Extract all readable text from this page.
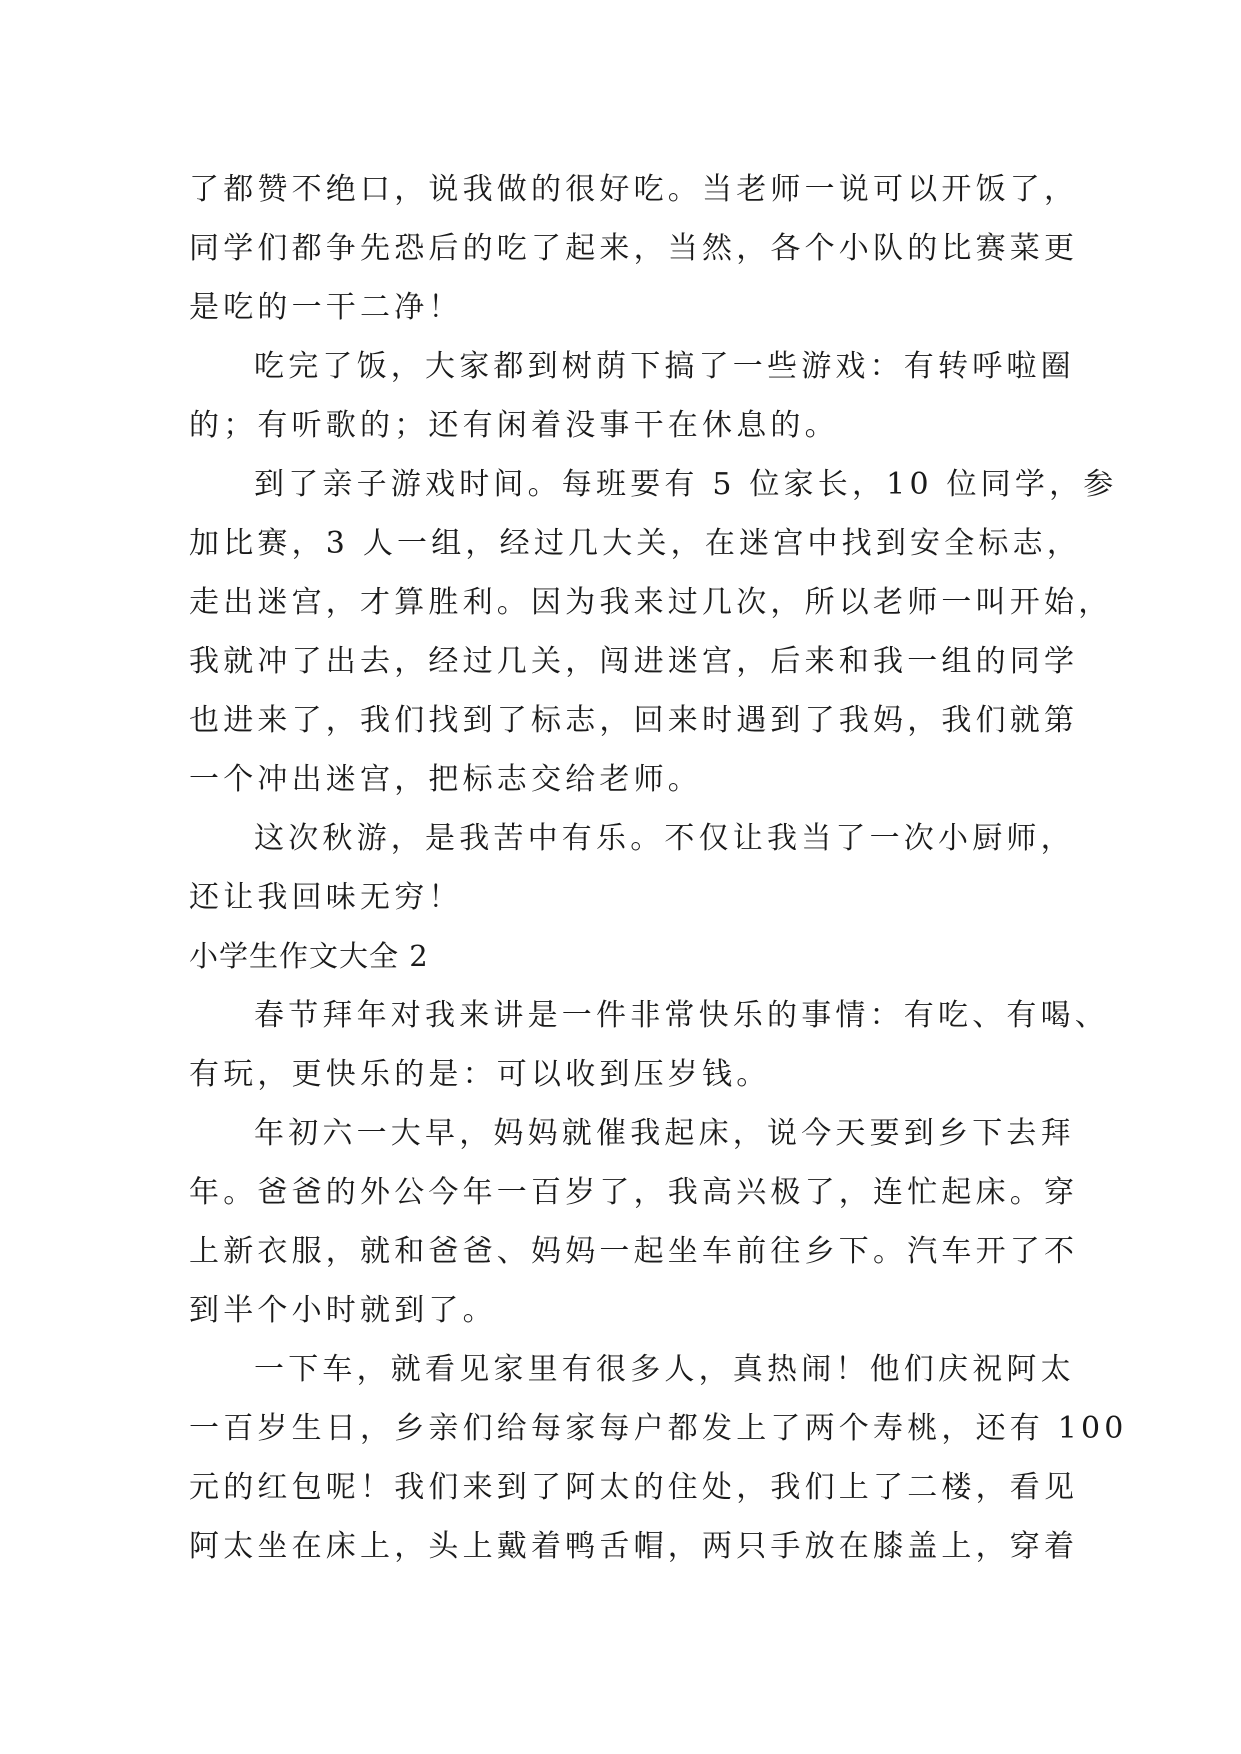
了都赞不绝口，说我做的很好吃。当老师一说可以开饭了，
同学们都争先恐后的吃了起来，当然，各个小队的比赛菜更
是吃的一干二净！
吃完了饭，大家都到树荫下搞了一些游戏：有转呼啦圈
的；有听歌的；还有闲着没事干在休息的。
到了亲子游戏时间。每班要有 5 位家长，10 位同学，参
加比赛，3 人一组，经过几大关，在迷宫中找到安全标志，
走出迷宫，才算胜利。因为我来过几次，所以老师一叫开始，
我就冲了出去，经过几关，闯进迷宫，后来和我一组的同学
也进来了，我们找到了标志，回来时遇到了我妈，我们就第
一个冲出迷宫，把标志交给老师。
这次秋游，是我苦中有乐。不仅让我当了一次小厨师，
还让我回味无穷！
小学生作文大全 2
春节拜年对我来讲是一件非常快乐的事情：有吃、有喝、
有玩，更快乐的是：可以收到压岁钱。
年初六一大早，妈妈就催我起床，说今天要到乡下去拜
年。爸爸的外公今年一百岁了，我高兴极了，连忙起床。穿
上新衣服，就和爸爸、妈妈一起坐车前往乡下。汽车开了不
到半个小时就到了。
一下车，就看见家里有很多人，真热闹！他们庆祝阿太
一百岁生日，乡亲们给每家每户都发上了两个寿桃，还有 100
元的红包呢！我们来到了阿太的住处，我们上了二楼，看见
阿太坐在床上，头上戴着鸭舌帽，两只手放在膝盖上，穿着
